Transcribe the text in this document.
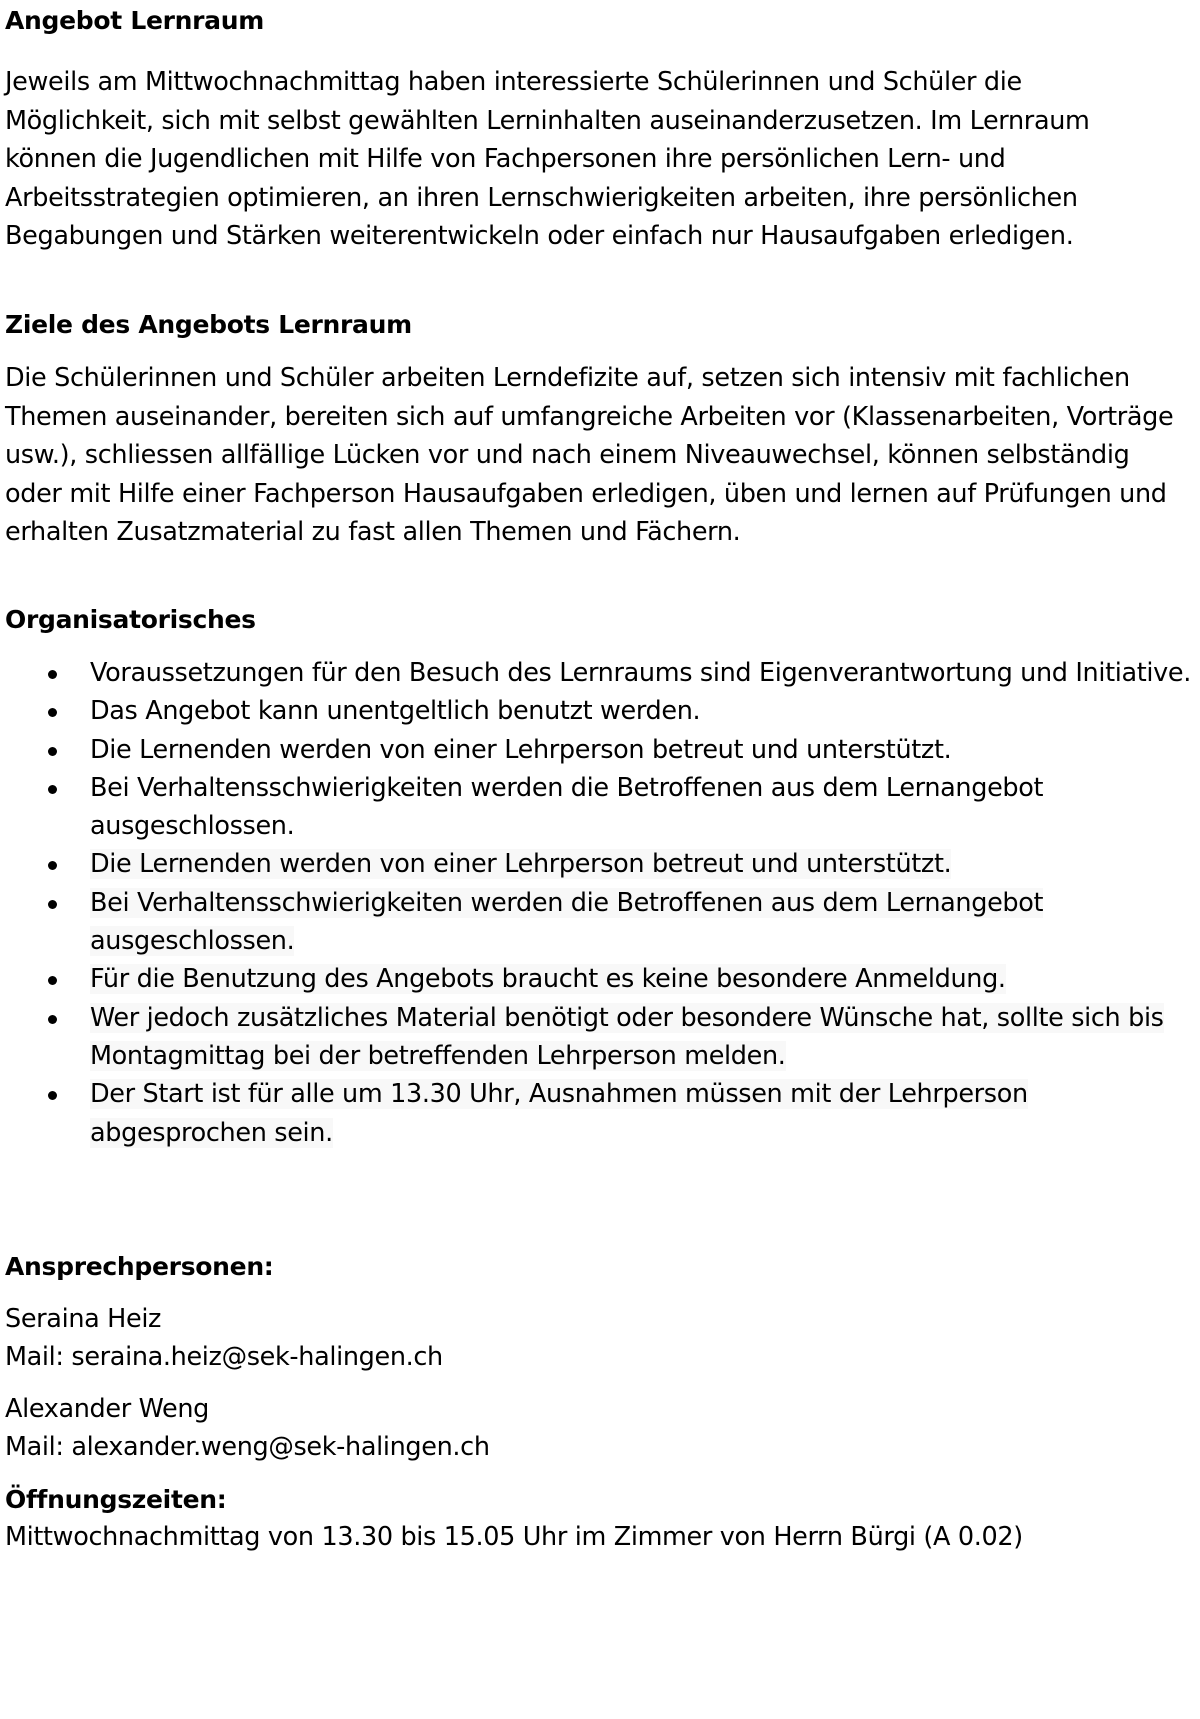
Angebot Lernraum

Jeweils am Mittwochnachmittag haben interessierte Schülerinnen und Schüler die Möglichkeit, sich mit selbst gewählten Lerninhalten auseinanderzusetzen. Im Lernraum können die Jugendlichen mit Hilfe von Fachpersonen ihre persönlichen Lern- und Arbeitsstrategien optimieren, an ihren Lernschwierigkeiten arbeiten, ihre persönlichen Begabungen und Stärken weiterentwickeln oder einfach nur Hausaufgaben erledigen.

Ziele des Angebots Lernraum

Die Schülerinnen und Schüler arbeiten Lerndefizite auf, setzen sich intensiv mit fachlichen Themen auseinander, bereiten sich auf umfangreiche Arbeiten vor (Klassenarbeiten, Vorträge usw.), schliessen allfällige Lücken vor und nach einem Niveauwechsel, können selbständig oder mit Hilfe einer Fachperson Hausaufgaben erledigen, üben und lernen auf Prüfungen und erhalten Zusatzmaterial zu fast allen Themen und Fächern.

Organisatorisches
Voraussetzungen für den Besuch des Lernraums sind Eigenverantwortung und Initiative.
Das Angebot kann unentgeltlich benutzt werden.
Die Lernenden werden von einer Lehrperson betreut und unterstützt.
Bei Verhaltensschwierigkeiten werden die Betroffenen aus dem Lernangebot ausgeschlossen.
Die Lernenden werden von einer Lehrperson betreut und unterstützt.
Bei Verhaltensschwierigkeiten werden die Betroffenen aus dem Lernangebot ausgeschlossen.
Für die Benutzung des Angebots braucht es keine besondere Anmeldung.
Wer jedoch zusätzliches Material benötigt oder besondere Wünsche hat, sollte sich bis Montagmittag bei der betreffenden Lehrperson melden.
Der Start ist für alle um 13.30 Uhr, Ausnahmen müssen mit der Lehrperson abgesprochen sein.
Ansprechpersonen:
Seraina Heiz
Mail: seraina.heiz@sek-halingen.ch
Alexander Weng
Mail: alexander.weng@sek-halingen.ch
Öffnungszeiten:
Mittwochnachmittag von 13.30 bis 15.05 Uhr im Zimmer von Herrn Bürgi (A 0.02)
